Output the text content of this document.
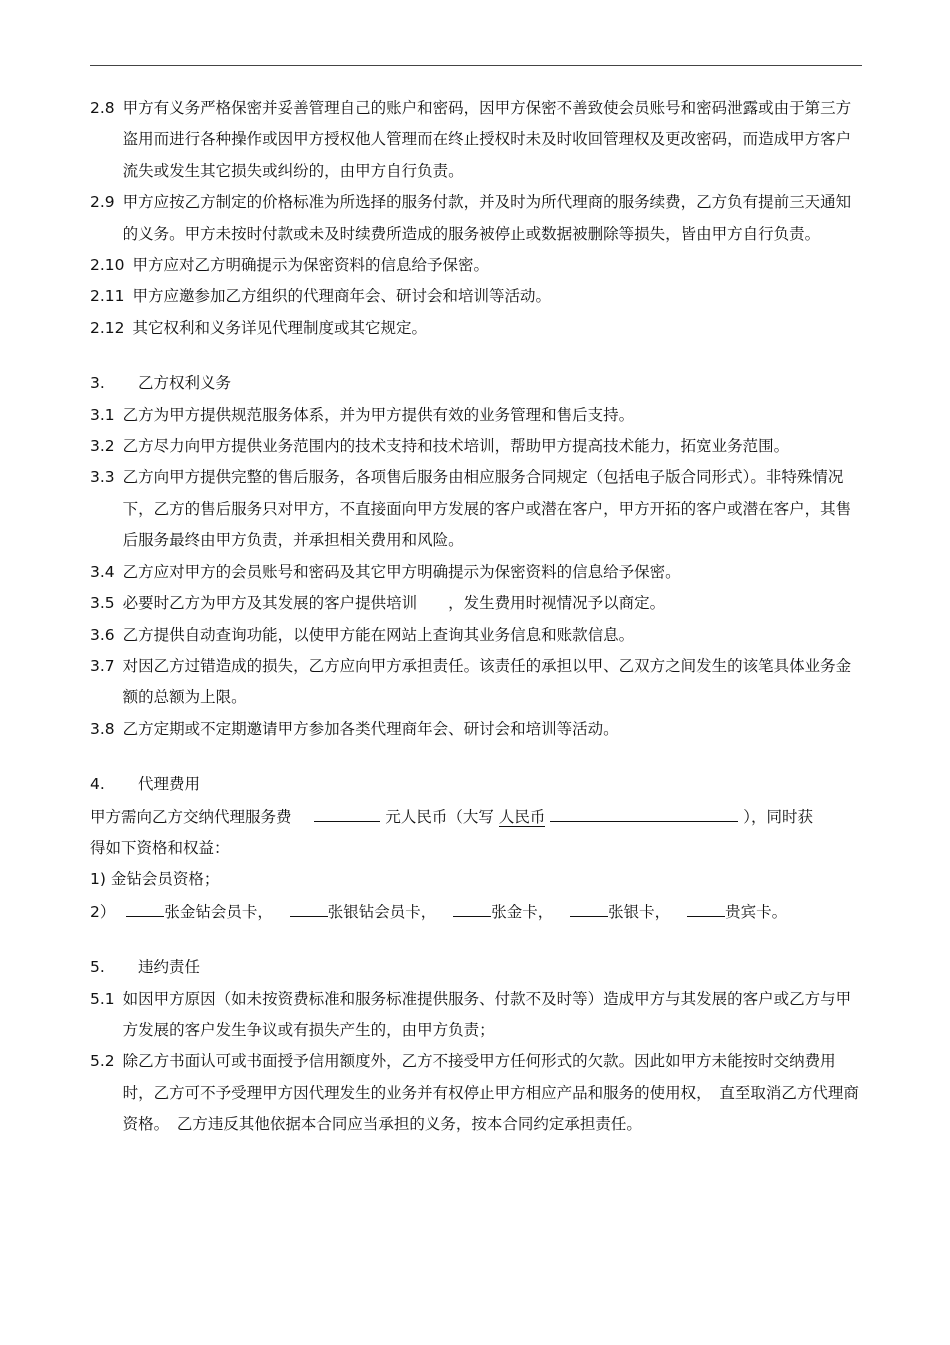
2.8 甲方有义务严格保密并妥善管理自己的账户和密码，因甲方保密不善致使会员账号和密码泄露或由于第三方盗用而进行各种操作或因甲方授权他人管理而在终止授权时未及时收回管理权及更改密码，而造成甲方客户流失或发生其它损失或纠纷的，由甲方自行负责。
2.9 甲方应按乙方制定的价格标准为所选择的服务付款，并及时为所代理商的服务续费，乙方负有提前三天通知的义务。甲方未按时付款或未及时续费所造成的服务被停止或数据被删除等损失，皆由甲方自行负责。
2.10 甲方应对乙方明确提示为保密资料的信息给予保密。
2.11 甲方应邀参加乙方组织的代理商年会、研讨会和培训等活动。
2.12 其它权利和义务详见代理制度或其它规定。
3.	乙方权利义务
3.1 乙方为甲方提供规范服务体系，并为甲方提供有效的业务管理和售后支持。
3.2 乙方尽力向甲方提供业务范围内的技术支持和技术培训，帮助甲方提高技术能力，拓宽业务范围。
3.3 乙方向甲方提供完整的售后服务，各项售后服务由相应服务合同规定（包括电子版合同形式）。非特殊情况下，乙方的售后服务只对甲方，不直接面向甲方发展的客户或潜在客户，甲方开拓的客户或潜在客户，其售后服务最终由甲方负责，并承担相关费用和风险。
3.4 乙方应对甲方的会员账号和密码及其它甲方明确提示为保密资料的信息给予保密。
3.5 必要时乙方为甲方及其发展的客户提供培训　　，发生费用时视情况予以商定。
3.6 乙方提供自动查询功能，以使甲方能在网站上查询其业务信息和账款信息。
3.7 对因乙方过错造成的损失，乙方应向甲方承担责任。该责任的承担以甲、乙双方之间发生的该笔具体业务金额的总额为上限。
3.8 乙方定期或不定期邀请甲方参加各类代理商年会、研讨会和培训等活动。
4.	代理费用
甲方需向乙方交纳代理服务费	元人民币（大写 人民币	），同时获
得如下资格和权益：
1) 金钻会员资格；
2）	张金钻会员卡，	张银钻会员卡，	张金卡，	张银卡，	贵宾卡。
5.	违约责任
5.1 如因甲方原因（如未按资费标准和服务标准提供服务、付款不及时等）造成甲方与其发展的客户或乙方与甲方发展的客户发生争议或有损失产生的，由甲方负责；
5.2 除乙方书面认可或书面授予信用额度外，乙方不接受甲方任何形式的欠款。因此如甲方未能按时交纳费用时，乙方可不予受理甲方因代理发生的业务并有权停止甲方相应产品和服务的使用权，　直至取消乙方代理商资格。　乙方违反其他依据本合同应当承担的义务，按本合同约定承担责任。
